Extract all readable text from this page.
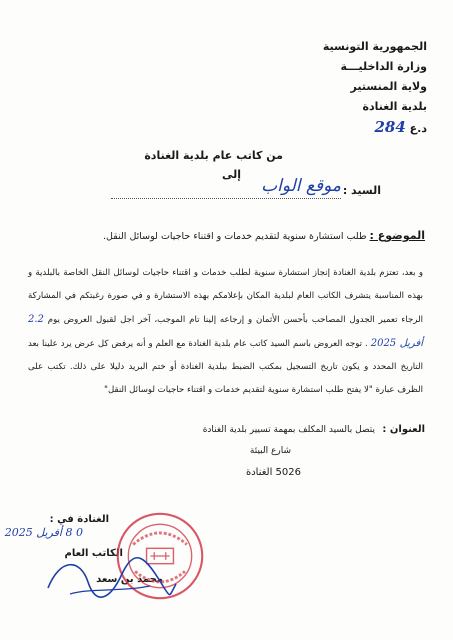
الجمهورية التونسية
وزارة الداخليـــة
ولاية المنستير
بلدية الغنادة
د.ع 284
من كاتب عام بلدية الغنادة
إلى
السيد :
موقع الواب
الموضوع : طلب استشارة سنوية لتقديم خدمات و اقتناء حاجيات لوسائل النقل.
و بعد، تعتزم بلدية الغنادة إنجاز استشارة سنوية لطلب خدمات و اقتناء حاجيات لوسائل النقل الخاصة بالبلدية و بهذه المناسبة يتشرف الكاتب العام لبلدية المكان بإعلامكم بهذه الاستشارة و في صورة رغبتكم في المشاركة الرجاء تعمير الجدول المصاحب بأحسن الأثمان و إرجاعه إلينا تام الموجب، آخر اجل لقبول العروض يوم 2.2 أفريل 2025 . توجه العروض باسم السيد كاتب عام بلدية الغنادة مع العلم و أنه يرفض كل عرض يرد علينا بعد التاريخ المحدد و يكون تاريخ التسجيل بمكتب الضبط ببلدية الغنادة أو ختم البريد دليلا على ذلك. تكتب على الظرف عبارة "لا يفتح طلب استشارة سنوية لتقديم خدمات و اقتناء حاجيات لوسائل النقل"
العنوان :
يتصل بالسيد المكلف بمهمة تسيير بلدية الغنادة
شارع البيئة
5026 الغنادة
الغنادة في :
0 8 أفريل 2025
الكاتب العام
محمد بن سعد
